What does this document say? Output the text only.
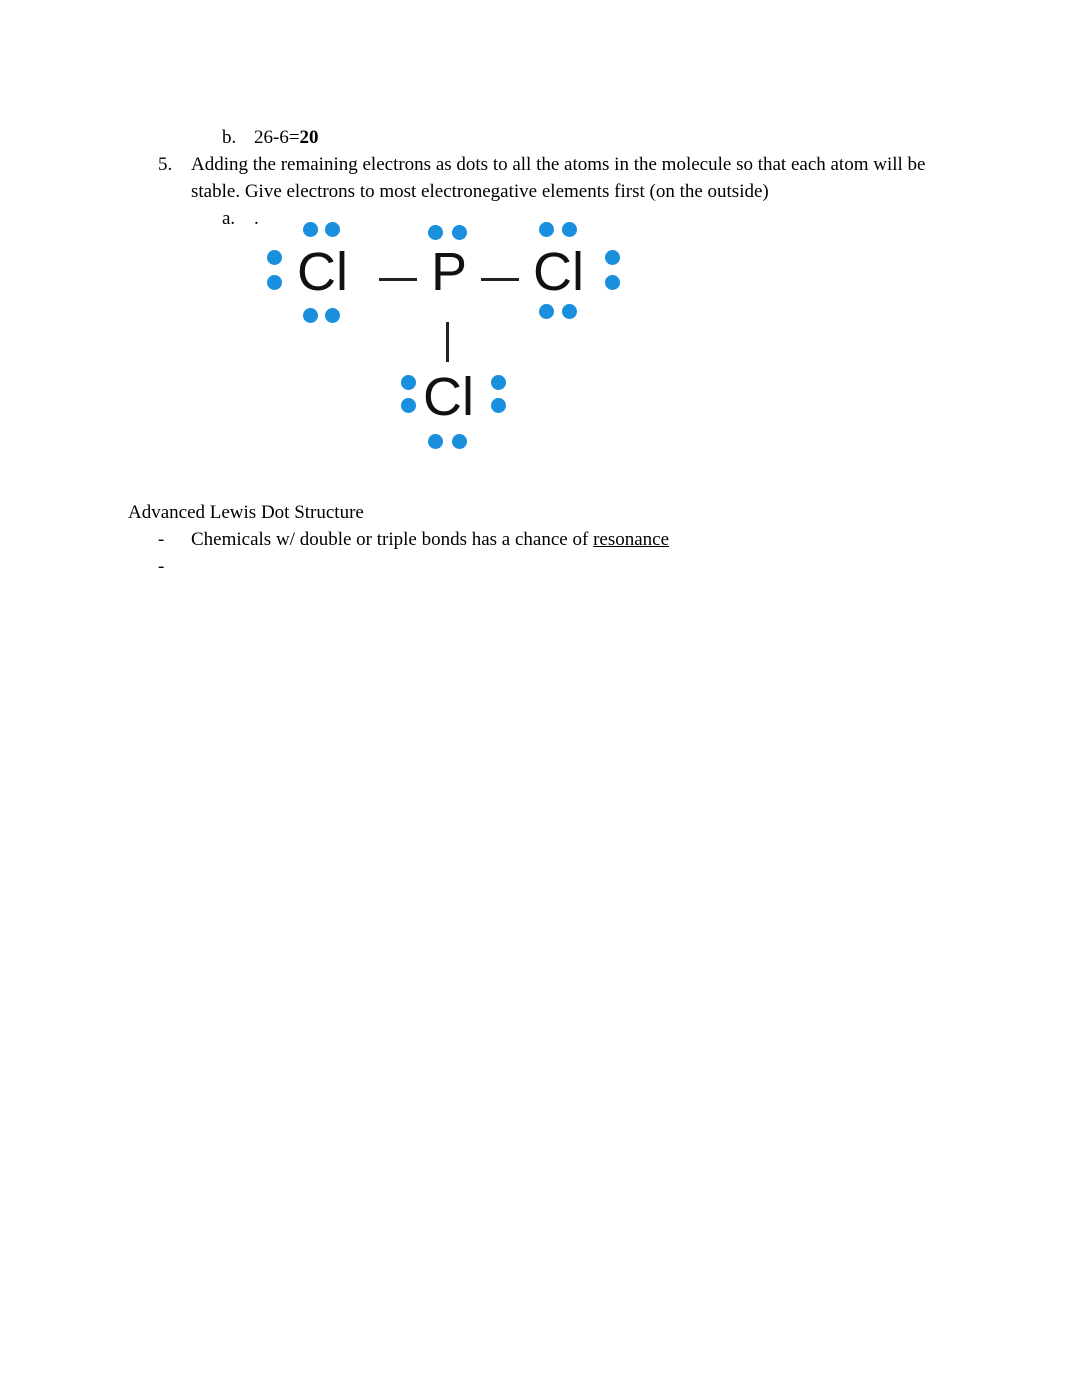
b. 26-6=20
5. Adding the remaining electrons as dots to all the atoms in the molecule so that each atom will be
stable. Give electrons to most electronegative elements first (on the outside)
a. .
Cl P Cl
Cl
Advanced Lewis Dot Structure
- Chemicals w/ double or triple bonds has a chance of resonance
-
